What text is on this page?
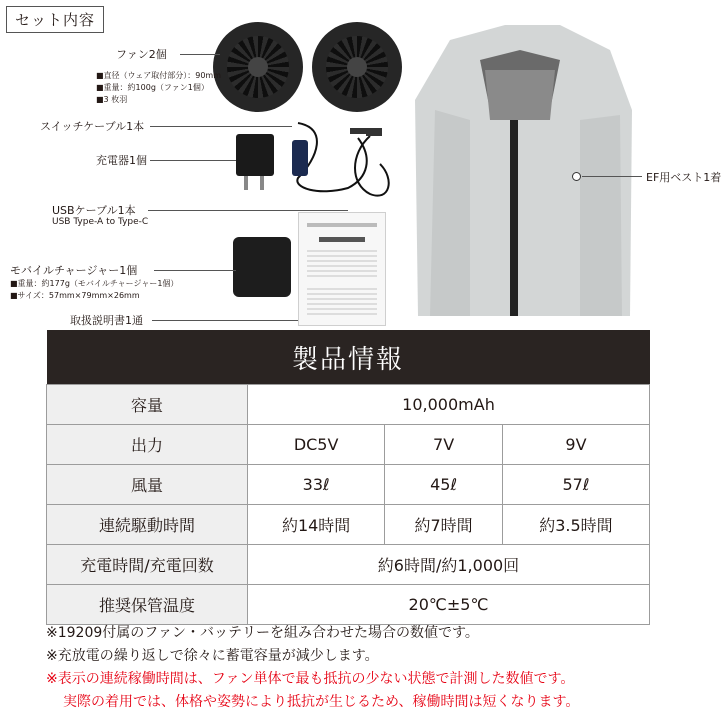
セット内容
EF用ベスト1着
ファン2個
■直径（ウェア取付部分）：90mm
■重量：約100g（ファン1個）
■3 枚羽
スイッチケーブル1本
充電器1個
USBケーブル1本
USB Type-A to Type-C
モバイルチャージャー1個
■重量：約177g（モバイルチャージャー1個）
■サイズ：57mm×79mm×26mm
取扱説明書1通
製品情報			
容量	10,000mAh		
出力	DC5V	7V	9V
風量	33ℓ	45ℓ	57ℓ
連続駆動時間	約14時間	約7時間	約3.5時間
充電時間/充電回数	約6時間/約1,000回		
推奨保管温度	20℃±5℃		
※19209付属のファン・バッテリーを組み合わせた場合の数値です。
※充放電の繰り返しで徐々に蓄電容量が減少します。
※表示の連続稼働時間は、ファン単体で最も抵抗の少ない状態で計測した数値です。
実際の着用では、体格や姿勢により抵抗が生じるため、稼働時間は短くなります。
